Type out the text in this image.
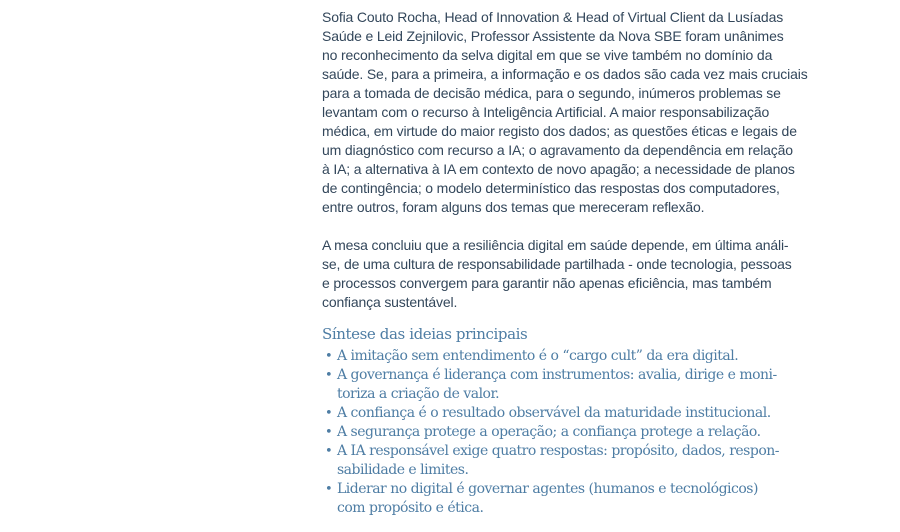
Sofia Couto Rocha, Head of Innovation & Head of Virtual Client da Lusíadas
Saúde e Leid Zejnilovic, Professor Assistente da Nova SBE foram unânimes
no reconhecimento da selva digital em que se vive também no domínio da
saúde. Se, para a primeira, a informação e os dados são cada vez mais cruciais
para a tomada de decisão médica, para o segundo, inúmeros problemas se
levantam com o recurso à Inteligência Artificial. A maior responsabilização
médica, em virtude do maior registo dos dados; as questões éticas e legais de
um diagnóstico com recurso a IA; o agravamento da dependência em relação
à IA; a alternativa à IA em contexto de novo apagão; a necessidade de planos
de contingência; o modelo determinístico das respostas dos computadores,
entre outros, foram alguns dos temas que mereceram reflexão.
A mesa concluiu que a resiliência digital em saúde depende, em última análi-
se, de uma cultura de responsabilidade partilhada - onde tecnologia, pessoas
e processos convergem para garantir não apenas eficiência, mas também
confiança sustentável.
Síntese das ideias principais
• A imitação sem entendimento é o “cargo cult” da era digital.
• A governança é liderança com instrumentos: avalia, dirige e moni-
toriza a criação de valor.
• A confiança é o resultado observável da maturidade institucional.
• A segurança protege a operação; a confiança protege a relação.
• A IA responsável exige quatro respostas: propósito, dados, respon-
sabilidade e limites.
• Liderar no digital é governar agentes (humanos e tecnológicos)
com propósito e ética.
